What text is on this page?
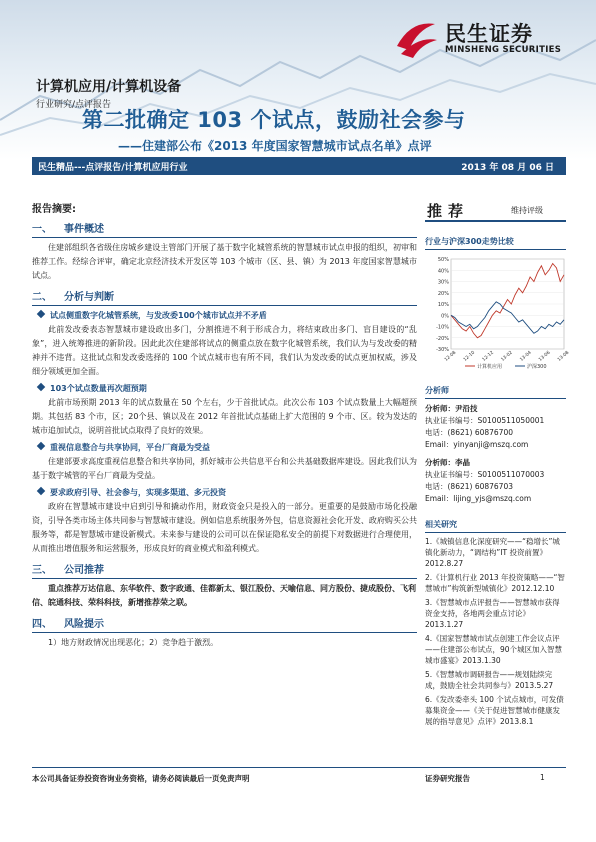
民生证券
MINSHENG SECURITIES
计算机应用/计算机设备
行业研究/点评报告
第二批确定 103 个试点，鼓励社会参与
——住建部公布《2013 年度国家智慧城市试点名单》点评
民生精品---点评报告/计算机应用行业	2013 年 08 月 06 日
报告摘要:
一、 事件概述

住建部组织各省级住房城乡建设主管部门开展了基于数字化城管系统的智慧城市试点申报的组织，初审和推荐工作。经综合评审，确定北京经济技术开发区等 103 个城市（区、县、镇）为 2013 年度国家智慧城市试点。

二、 分析与判断
试点侧重数字化城管系统，与发改委100个城市试点并不矛盾

此前发改委表态智慧城市建设政出多门，分割推进不利于形成合力，将结束政出多门、盲目建设的“乱象”，进入统筹推进的新阶段。因此此次住建部将试点的侧重点放在数字化城管系统，我们认为与发改委的精神并不违背。这批试点和发改委选择的 100 个试点城市也有所不同，我们认为发改委的试点更加权威，涉及细分领域更加全面。

103个试点数量再次超预期

此前市场预期 2013 年的试点数量在 50 个左右，少于首批试点。此次公布 103 个试点数量上大幅超预期。其包括 83 个市，区；20个县、镇以及在 2012 年首批试点基础上扩大范围的 9 个市、区。较为发达的城市追加试点，说明首批试点取得了良好的效果。

重视信息整合与共享协同，平台厂商最为受益

住建部要求高度重视信息整合和共享协同，抓好城市公共信息平台和公共基础数据库建设。因此我们认为基于数字城管的平台厂商最为受益。

要求政府引导、社会参与，实现多渠道、多元投资

政府在智慧城市建设中启到引导和撬动作用，财政资金只是投入的一部分。更重要的是鼓励市场化投融资，引导各类市场主体共同参与智慧城市建设。例如信息系统服务外包，信息资源社会化开发、政府购买公共服务等，都是智慧城市建设新模式。未来参与建设的公司可以在保证隐私安全的前提下对数据进行合理使用，从而推出增值服务和运营服务，形成良好的商业模式和盈利模式。

三、 公司推荐

重点推荐万达信息、东华软件、数字政通、佳都新太、银江股份、天喻信息、同方股份、捷成股份、飞利信、皖通科技、荣科科技，新增推荐荣之联。

四、 风险提示

1）地方财政情况出现恶化；2）竞争趋于激烈。

推荐	维持评级
行业与沪深300走势比较
50%
40%
30%
20%
10%
0%
-10%
-20%
-30%
12-08 12-10 12-12 13-02 13-04 13-06 13-08
计算机应用	沪深300
分析师
分析师：尹沿技
执业证书编号：S0100511050001
电话：(8621) 60876700
Email：yinyanji@mszq.com
分析师：李晶
执业证书编号：S0100511070003
电话：(8621) 60876703
Email：lijing_yjs@mszq.com
相关研究
1.《城镇信息化深度研究——“稳增长”城镇化新动力，“调结构”IT 投资前置》2012.8.27
2.《计算机行业 2013 年投资策略——“智慧城市”构筑新型城镇化》2012.12.10
3.《智慧城市点评报告——智慧城市获得资金支持，各地两会重点讨论》2013.1.27
4.《国家智慧城市试点创建工作会议点评——住建部公布试点，90个城区加入智慧城市盛宴》2013.1.30
5.《智慧城市调研报告——规划陆续完成，鼓励全社会共同参与》2013.5.27
6.《发改委牵头 100 个试点城市，可发债募集资金——《关于促进智慧城市健康发展的指导意见》点评》2013.8.1
本公司具备证券投资咨询业务资格，请务必阅读最后一页免责声明	证券研究报告	1
